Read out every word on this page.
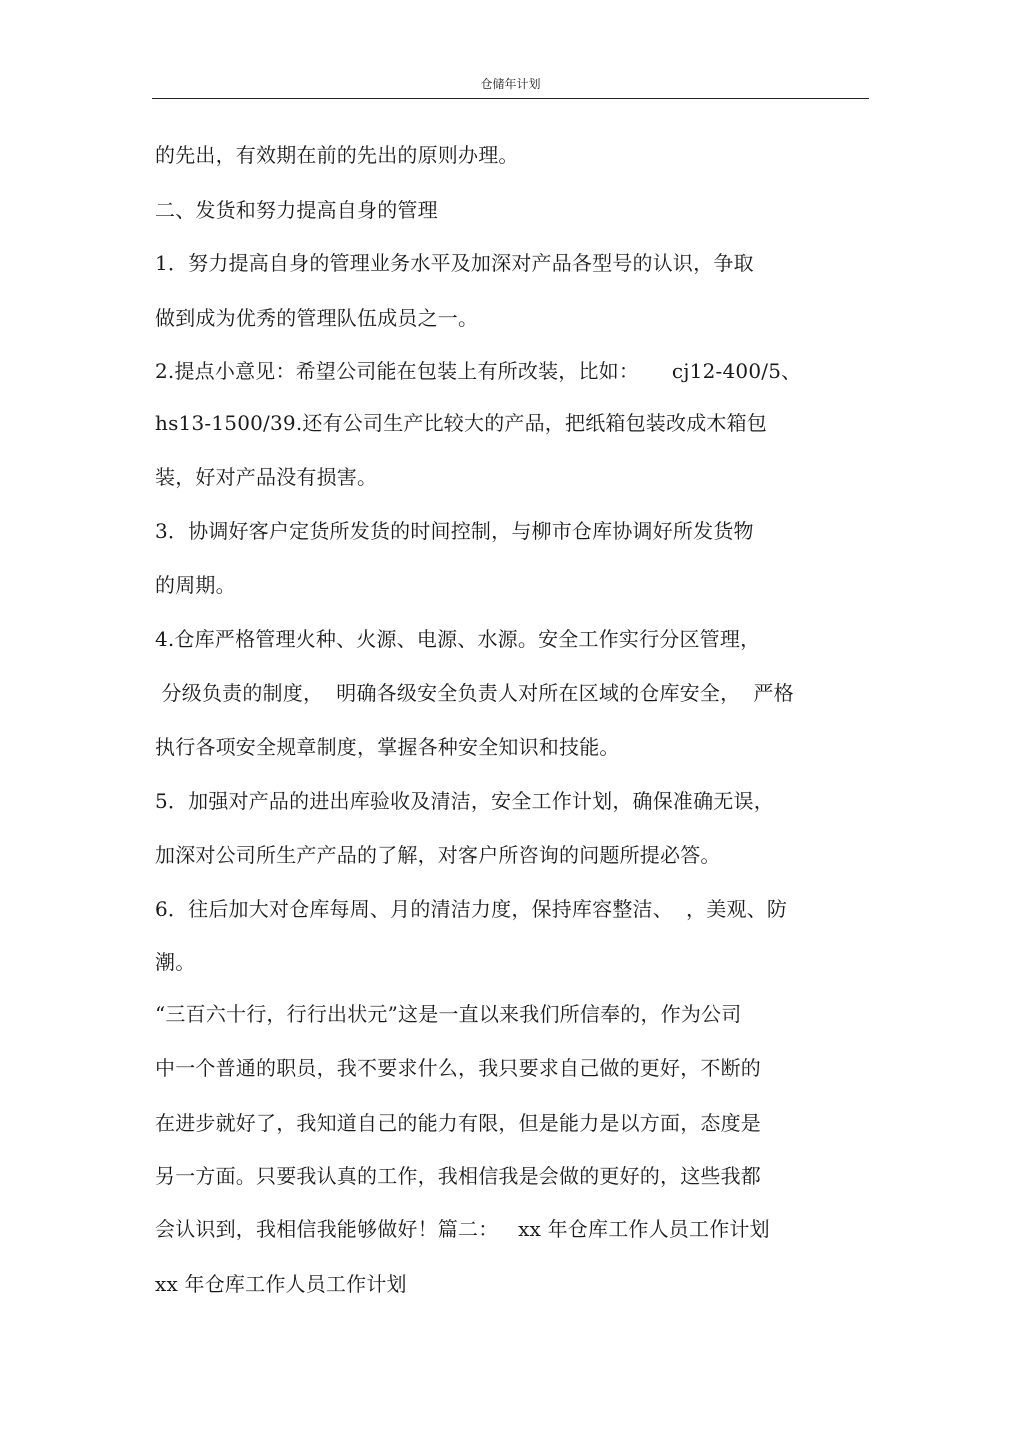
仓储年计划
的先出，有效期在前的先出的原则办理。
二、发货和努力提高自身的管理
1．努力提高自身的管理业务水平及加深对产品各型号的认识，争取
做到成为优秀的管理队伍成员之一。
2.提点小意见：希望公司能在包装上有所改装，比如：     cj12-400/5、
hs13-1500/39.还有公司生产比较大的产品，把纸箱包装改成木箱包
装，好对产品没有损害。
3．协调好客户定货所发货的时间控制，与柳市仓库协调好所发货物
的周期。
4.仓库严格管理火种、火源、电源、水源。安全工作实行分区管理，
分级负责的制度，  明确各级安全负责人对所在区域的仓库安全，  严格
执行各项安全规章制度，掌握各种安全知识和技能。
5．加强对产品的进出库验收及清洁，安全工作计划，确保准确无误，
加深对公司所生产产品的了解，对客户所咨询的问题所提必答。
6．往后加大对仓库每周、月的清洁力度，保持库容整洁、  ，美观、防
潮。
“三百六十行，行行出状元”这是一直以来我们所信奉的，作为公司
中一个普通的职员，我不要求什么，我只要求自己做的更好，不断的
在进步就好了，我知道自己的能力有限，但是能力是以方面，态度是
另一方面。只要我认真的工作，我相信我是会做的更好的，这些我都
会认识到，我相信我能够做好！篇二：   xx 年仓库工作人员工作计划
xx 年仓库工作人员工作计划
